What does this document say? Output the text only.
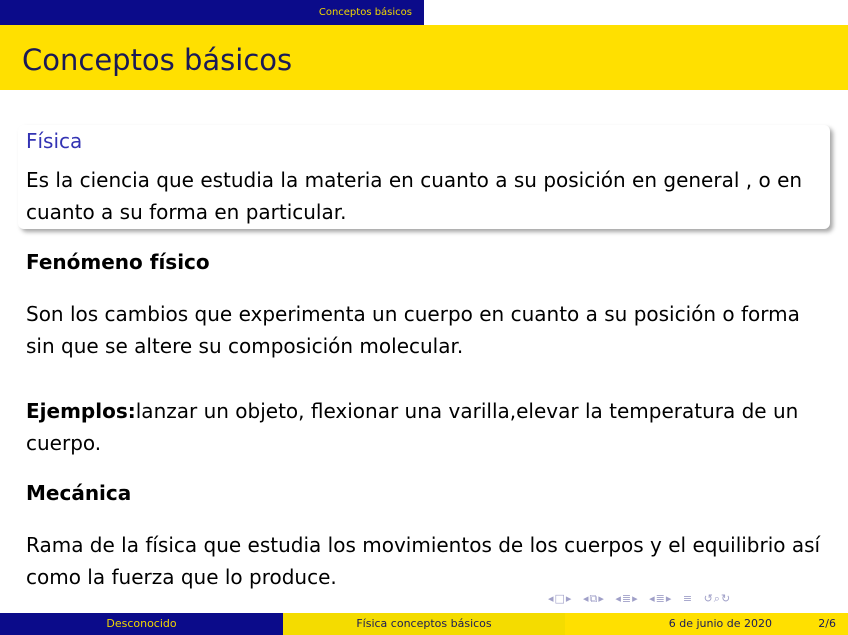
Conceptos básicos
Conceptos básicos
Física
Es la ciencia que estudia la materia en cuanto a su posición en general , o en cuanto a su forma en particular.
Fenómeno físico
Son los cambios que experimenta un cuerpo en cuanto a su posición o forma sin que se altere su composición molecular.
Ejemplos:lanzar un objeto, flexionar una varilla,elevar la temperatura de un cuerpo.
Mecánica
Rama de la física que estudia los movimientos de los cuerpos y el equilibrio así como la fuerza que lo produce.
◂□▸ ◂⧉▸ ◂≣▸ ◂≣▸ ≡ ↺⌕↻
Desconocido	Física conceptos básicos	6 de junio de 2020	2/6
